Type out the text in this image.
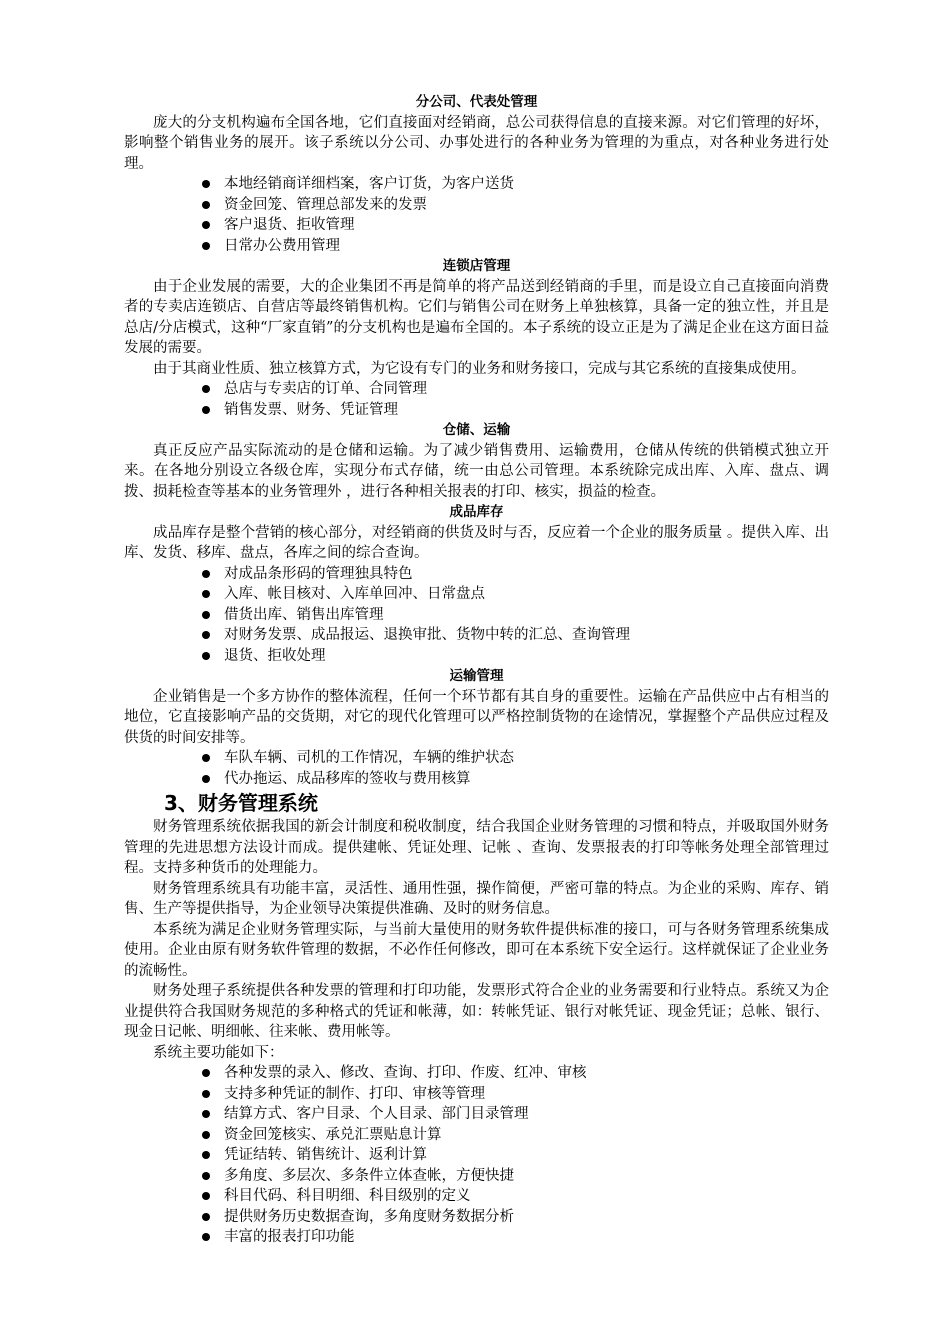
分公司、代表处管理

庞大的分支机构遍布全国各地，它们直接面对经销商，总公司获得信息的直接来源。对它们管理的好坏，影响整个销售业务的展开。该子系统以分公司、办事处进行的各种业务为管理的为重点，对各种业务进行处理。

本地经销商详细档案，客户订货，为客户送货
资金回笼、管理总部发来的发票
客户退货、拒收管理
日常办公费用管理
连锁店管理

由于企业发展的需要，大的企业集团不再是简单的将产品送到经销商的手里，而是设立自己直接面向消费者的专卖店连锁店、自营店等最终销售机构。它们与销售公司在财务上单独核算，具备一定的独立性，并且是总店/分店模式，这种“厂家直销”的分支机构也是遍布全国的。本子系统的设立正是为了满足企业在这方面日益发展的需要。

由于其商业性质、独立核算方式，为它设有专门的业务和财务接口，完成与其它系统的直接集成使用。

总店与专卖店的订单、合同管理
销售发票、财务、凭证管理
仓储、运输

真正反应产品实际流动的是仓储和运输。为了减少销售费用、运输费用，仓储从传统的供销模式独立开来。在各地分别设立各级仓库，实现分布式存储，统一由总公司管理。本系统除完成出库、入库、盘点、调拨、损耗检查等基本的业务管理外 ，进行各种相关报表的打印、核实，损益的检查。

成品库存

成品库存是整个营销的核心部分，对经销商的供货及时与否，反应着一个企业的服务质量 。提供入库、出库、发货、移库、盘点，各库之间的综合查询。

对成品条形码的管理独具特色
入库、帐目核对、入库单回冲、日常盘点
借货出库、销售出库管理
对财务发票、成品报运、退换审批、货物中转的汇总、查询管理
退货、拒收处理
运输管理

企业销售是一个多方协作的整体流程，任何一个环节都有其自身的重要性。运输在产品供应中占有相当的地位，它直接影响产品的交货期，对它的现代化管理可以严格控制货物的在途情况，掌握整个产品供应过程及供货的时间安排等。

车队车辆、司机的工作情况，车辆的维护状态
代办拖运、成品移库的签收与费用核算
3、财务管理系统

财务管理系统依据我国的新会计制度和税收制度，结合我国企业财务管理的习惯和特点，并吸取国外财务管理的先进思想方法设计而成。提供建帐、凭证处理、记帐 、查询、发票报表的打印等帐务处理全部管理过程。支持多种货币的处理能力。

财务管理系统具有功能丰富，灵活性、通用性强，操作简便，严密可靠的特点。为企业的采购、库存、销售、生产等提供指导，为企业领导决策提供准确、及时的财务信息。

本系统为满足企业财务管理实际，与当前大量使用的财务软件提供标准的接口，可与各财务管理系统集成使用。企业由原有财务软件管理的数据，不必作任何修改，即可在本系统下安全运行。这样就保证了企业业务的流畅性。

财务处理子系统提供各种发票的管理和打印功能，发票形式符合企业的业务需要和行业特点。系统又为企业提供符合我国财务规范的多种格式的凭证和帐薄，如：转帐凭证、银行对帐凭证、现金凭证；总帐、银行、现金日记帐、明细帐、往来帐、费用帐等。

系统主要功能如下：

各种发票的录入、修改、查询、打印、作废、红冲、审核
支持多种凭证的制作、打印、审核等管理
结算方式、客户目录、个人目录、部门目录管理
资金回笼核实、承兑汇票贴息计算
凭证结转、销售统计、返利计算
多角度、多层次、多条件立体查帐，方便快捷
科目代码、科目明细、科目级别的定义
提供财务历史数据查询，多角度财务数据分析
丰富的报表打印功能
